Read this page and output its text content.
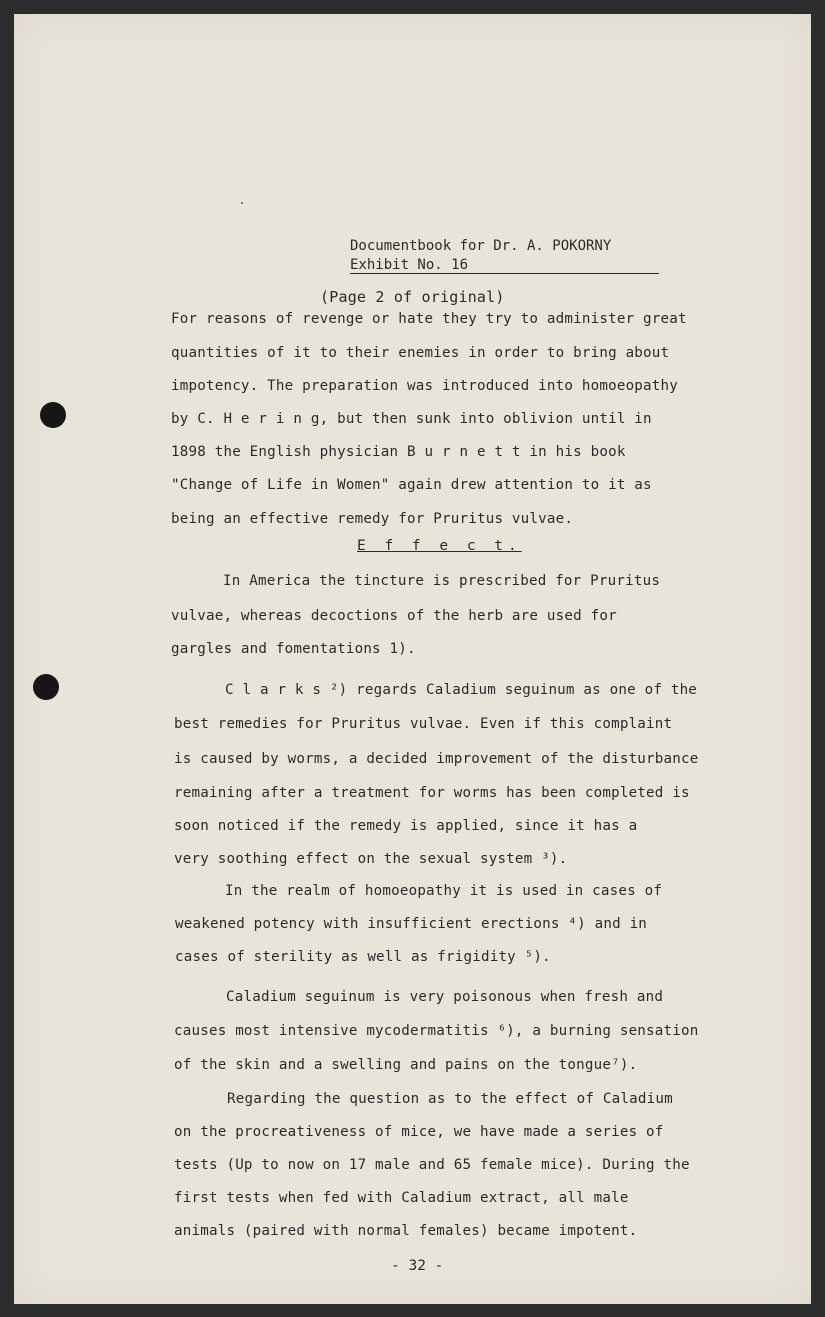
Documentbook for Dr. A. POKORNY
Exhibit No. 16
(Page 2 of original)
For reasons of revenge or hate they try to administer great
quantities of it to their enemies in order to bring about
impotency. The preparation was introduced into homoeopathy
by C. H e r i n g, but then sunk into oblivion until in
1898 the English physician B u r n e t t in his book
"Change of Life in Women" again drew attention to it as
being an effective remedy for Pruritus vulvae.
E f f e c t.
In America the tincture is prescribed for Pruritus
vulvae, whereas decoctions of the herb are used for
gargles and fomentations 1).
C l a r k s ²) regards Caladium seguinum as one of the
best remedies for Pruritus vulvae. Even if this complaint
is caused by worms, a decided improvement of the disturbance
remaining after a treatment for worms has been completed is
soon noticed if the remedy is applied, since it has a
very soothing effect on the sexual system ³).
In the realm of homoeopathy it is used in cases of
weakened potency with insufficient erections ⁴) and in
cases of sterility as well as frigidity ⁵).
Caladium seguinum is very poisonous when fresh and
causes most intensive mycodermatitis ⁶), a burning sensation
of the skin and a swelling and pains on the tongue⁷).
Regarding the question as to the effect of Caladium
on the procreativeness of mice, we have made a series of
tests (Up to now on 17 male and 65 female mice). During the
first tests when fed with Caladium extract, all male
animals (paired with normal females) became impotent.
- 32 -
